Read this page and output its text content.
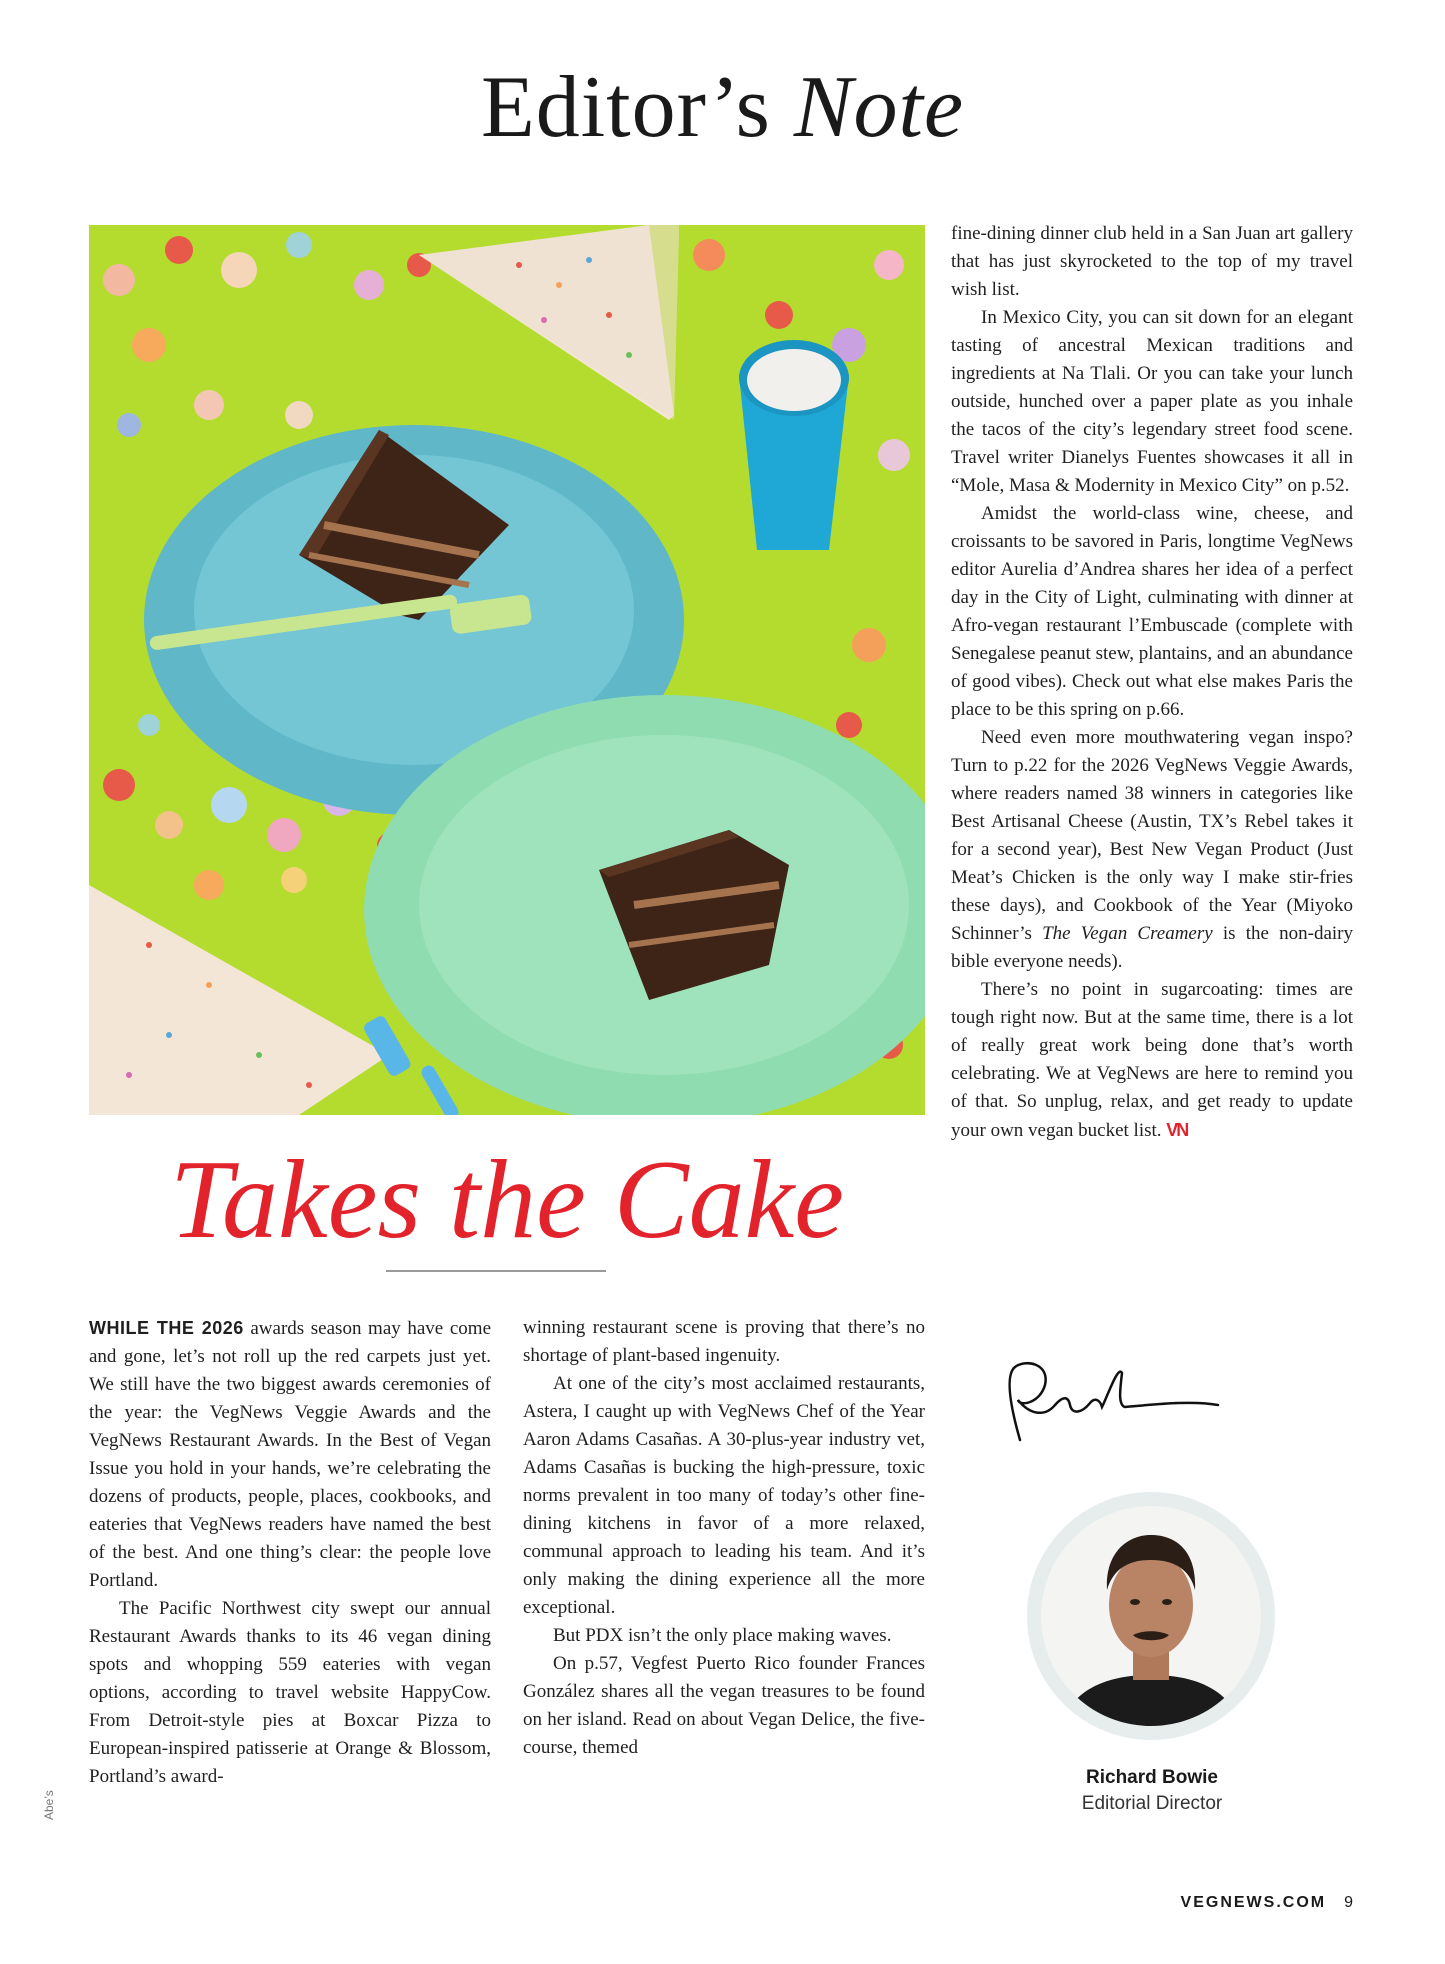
Editor’s Note
Takes the Cake

WHILE THE 2026 awards season may have come and gone, let’s not roll up the red carpets just yet. We still have the two biggest awards ceremonies of the year: the VegNews Veggie Awards and the VegNews Restaurant Awards. In the Best of Vegan Issue you hold in your hands, we’re celebrating the dozens of products, people, places, cookbooks, and eateries that VegNews readers have named the best of the best. And one thing’s clear: the people love Portland.

The Pacific Northwest city swept our annual Restaurant Awards thanks to its 46 vegan dining spots and whopping 559 eateries with vegan options, according to travel website HappyCow. From Detroit-style pies at Boxcar Pizza to European-inspired patisserie at Orange & Blossom, Portland’s award-

winning restaurant scene is proving that there’s no shortage of plant-based ingenuity.

At one of the city’s most acclaimed restaurants, Astera, I caught up with VegNews Chef of the Year Aaron Adams Casañas. A 30-plus-year industry vet, Adams Casañas is bucking the high-pressure, toxic norms prevalent in too many of today’s other fine-dining kitchens in favor of a more relaxed, communal approach to leading his team. And it’s only making the dining experience all the more exceptional.

But PDX isn’t the only place making waves.

On p.57, Vegfest Puerto Rico founder Frances González shares all the vegan treasures to be found on her island. Read on about Vegan Delice, the five-course, themed

fine-dining dinner club held in a San Juan art gallery that has just skyrocketed to the top of my travel wish list.

In Mexico City, you can sit down for an elegant tasting of ancestral Mexican traditions and ingredients at Na Tlali. Or you can take your lunch outside, hunched over a paper plate as you inhale the tacos of the city’s legendary street food scene. Travel writer Dianelys Fuentes showcases it all in “Mole, Masa & Modernity in Mexico City” on p.52.

Amidst the world-class wine, cheese, and croissants to be savored in Paris, longtime VegNews editor Aurelia d’Andrea shares her idea of a perfect day in the City of Light, culminating with dinner at Afro-vegan restaurant l’Embuscade (complete with Senegalese peanut stew, plantains, and an abundance of good vibes). Check out what else makes Paris the place to be this spring on p.66.

Need even more mouthwatering vegan inspo? Turn to p.22 for the 2026 VegNews Veggie Awards, where readers named 38 winners in categories like Best Artisanal Cheese (Austin, TX’s Rebel takes it for a second year), Best New Vegan Product (Just Meat’s Chicken is the only way I make stir-fries these days), and Cookbook of the Year (Miyoko Schinner’s The Vegan Creamery is the non-dairy bible everyone needs).

There’s no point in sugarcoating: times are tough right now. But at the same time, there is a lot of really great work being done that’s worth celebrating. We at VegNews are here to remind you of that. So unplug, relax, and get ready to update your own vegan bucket list. VN

Richard Bowie
Editorial Director
VEGNEWS.COM 9
Abe’s
